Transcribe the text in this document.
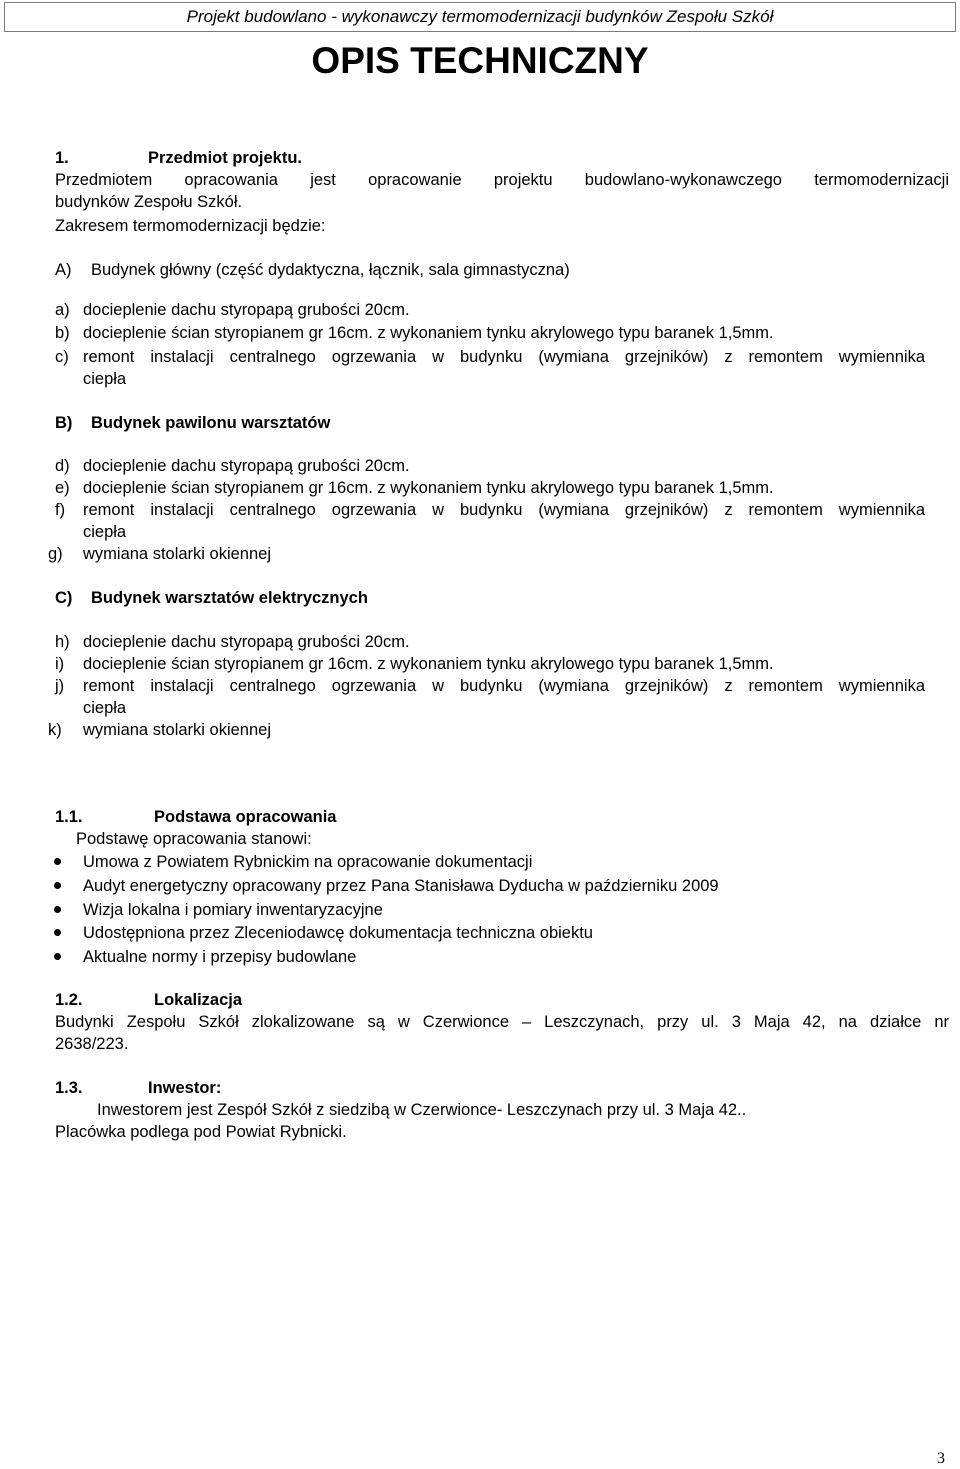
Projekt budowlano - wykonawczy termomodernizacji budynków Zespołu Szkół
OPIS TECHNICZNY
1.	Przedmiot projektu.
Przedmiotem opracowania jest opracowanie projektu budowlano-wykonawczego termomodernizacji
budynków Zespołu Szkół.
Zakresem termomodernizacji będzie:
A) Budynek główny (część dydaktyczna, łącznik, sala gimnastyczna)
a) docieplenie dachu styropapą grubości 20cm.
b) docieplenie ścian styropianem gr 16cm. z wykonaniem tynku akrylowego typu baranek 1,5mm.
c) remont instalacji centralnego ogrzewania w budynku (wymiana grzejników) z remontem wymiennika
ciepła
B) Budynek pawilonu warsztatów
d) docieplenie dachu styropapą grubości 20cm.
e) docieplenie ścian styropianem gr 16cm. z wykonaniem tynku akrylowego typu baranek 1,5mm.
f) remont instalacji centralnego ogrzewania w budynku (wymiana grzejników) z remontem wymiennika
ciepła
g) wymiana stolarki okiennej
C) Budynek warsztatów elektrycznych
h) docieplenie dachu styropapą grubości 20cm.
i) docieplenie ścian styropianem gr 16cm. z wykonaniem tynku akrylowego typu baranek 1,5mm.
j) remont instalacji centralnego ogrzewania w budynku (wymiana grzejników) z remontem wymiennika
ciepła
k) wymiana stolarki okiennej
1.1.	Podstawa opracowania
Podstawę opracowania stanowi:
Umowa z Powiatem Rybnickim na opracowanie dokumentacji
Audyt energetyczny opracowany przez Pana Stanisława Dyducha w październiku 2009
Wizja lokalna i pomiary inwentaryzacyjne
Udostępniona przez Zleceniodawcę dokumentacja techniczna obiektu
Aktualne normy i przepisy budowlane
1.2.	Lokalizacja
Budynki Zespołu Szkół zlokalizowane są w Czerwionce – Leszczynach, przy ul. 3 Maja 42, na działce nr
2638/223.
1.3.	Inwestor:
Inwestorem jest Zespół Szkół z siedzibą w Czerwionce- Leszczynach przy ul. 3 Maja 42..
Placówka podlega pod Powiat Rybnicki.
3
